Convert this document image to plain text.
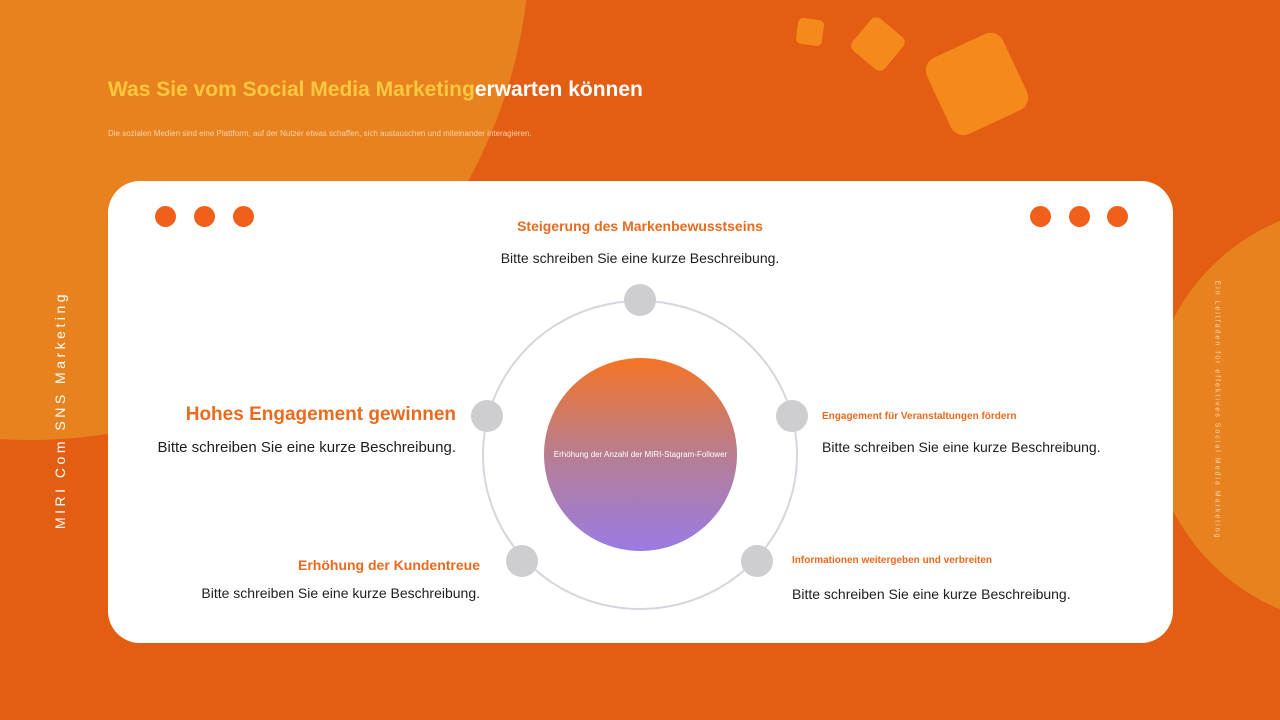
Was Sie vom Social Media Marketingerwarten können

Die sozialen Medien sind eine Plattform, auf der Nutzer etwas schaffen, sich austauschen und miteinander interagieren.

MIRI Com SNS Marketing	Ein Leitfaden für effektives Social Media Marketing
Erhöhung der Anzahl der MIRI-Stagram-Follower
Steigerung des Markenbewusstseins

Bitte schreiben Sie eine kurze Beschreibung.

Hohes Engagement gewinnen

Bitte schreiben Sie eine kurze Beschreibung.

Engagement für Veranstaltungen fördern

Bitte schreiben Sie eine kurze Beschreibung.

Erhöhung der Kundentreue

Bitte schreiben Sie eine kurze Beschreibung.

Informationen weitergeben und verbreiten

Bitte schreiben Sie eine kurze Beschreibung.
